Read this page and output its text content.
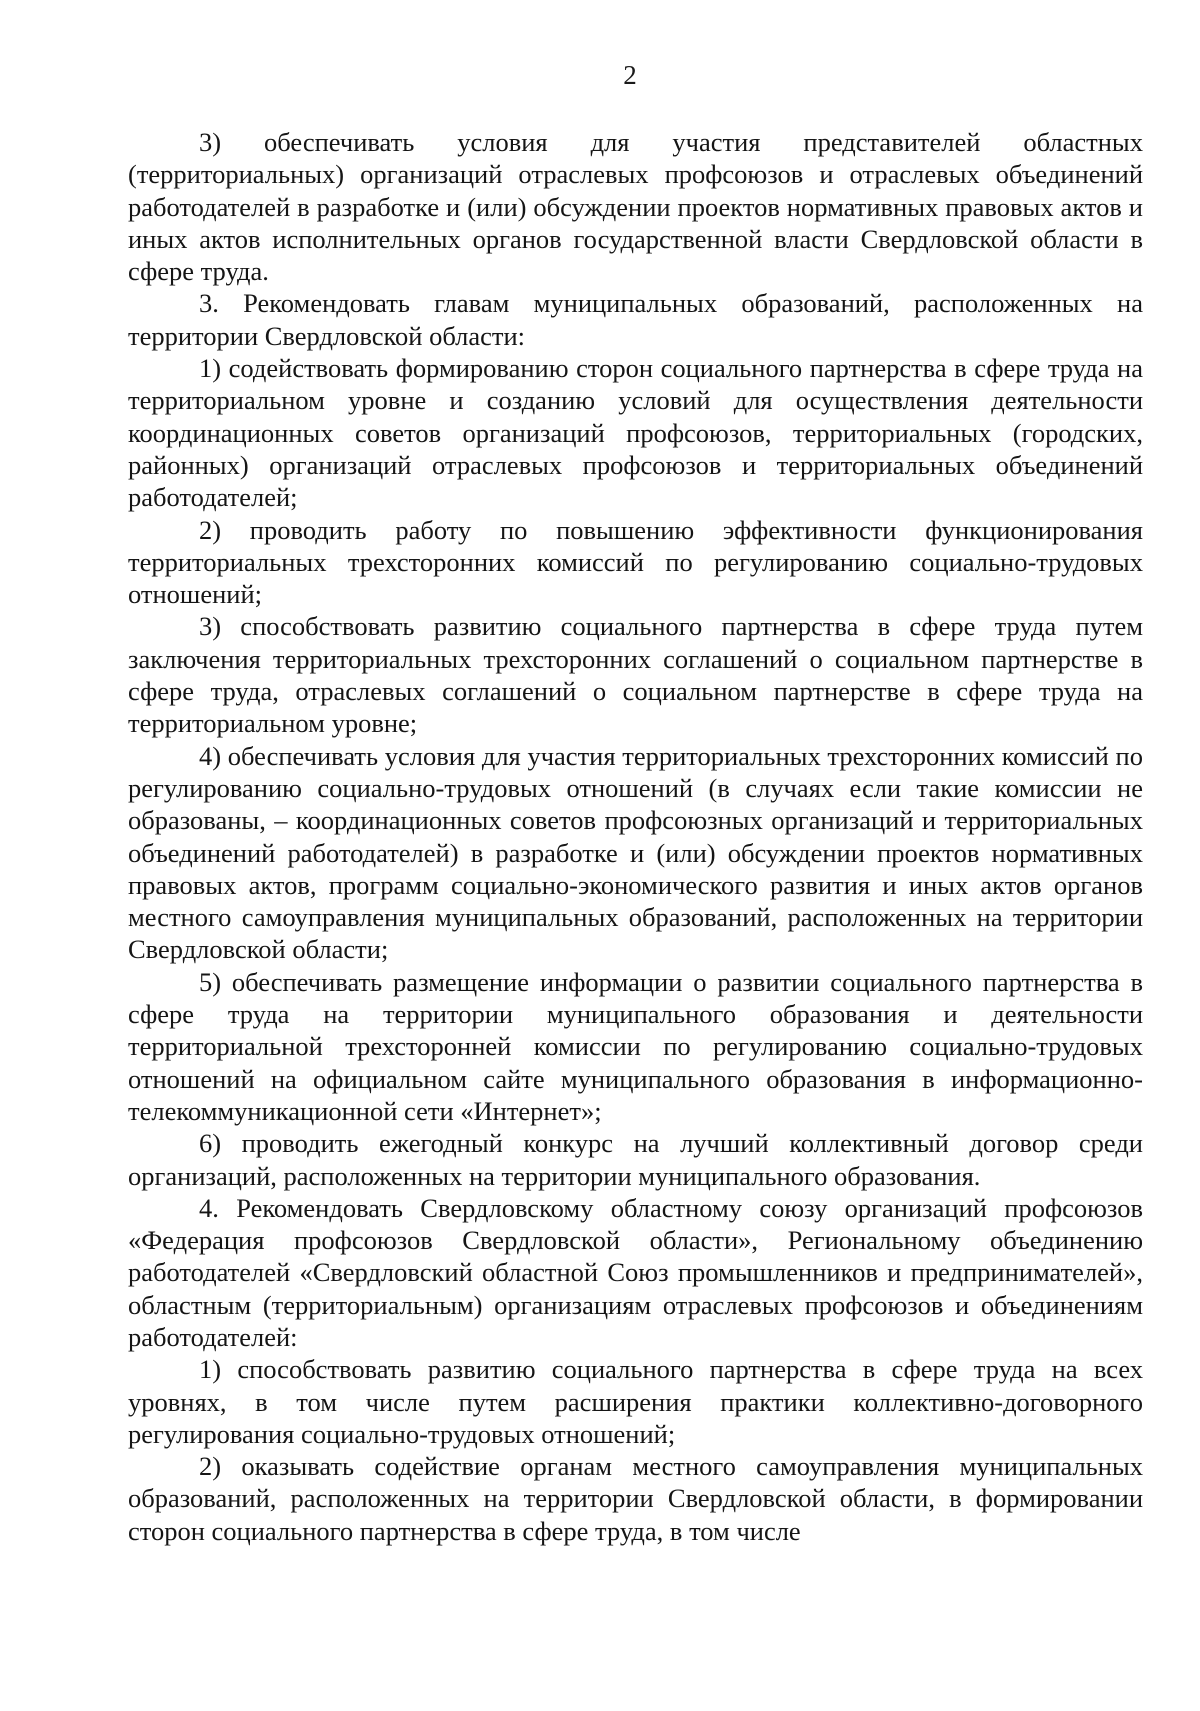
2

3) обеспечивать условия для участия представителей областных (территориальных) организаций отраслевых профсоюзов и отраслевых объединений работодателей в разработке и (или) обсуждении проектов нормативных правовых актов и иных актов исполнительных органов государственной власти Свердловской области в сфере труда.

3. Рекомендовать главам муниципальных образований, расположенных на территории Свердловской области:

1) содействовать формированию сторон социального партнерства в сфере труда на территориальном уровне и созданию условий для осуществления деятельности координационных советов организаций профсоюзов, территориальных (городских, районных) организаций отраслевых профсоюзов и территориальных объединений работодателей;

2) проводить работу по повышению эффективности функционирования территориальных трехсторонних комиссий по регулированию социально-трудовых отношений;

3) способствовать развитию социального партнерства в сфере труда путем заключения территориальных трехсторонних соглашений о социальном партнерстве в сфере труда, отраслевых соглашений о социальном партнерстве в сфере труда на территориальном уровне;

4) обеспечивать условия для участия территориальных трехсторонних комиссий по регулированию социально-трудовых отношений (в случаях если такие комиссии не образованы, – координационных советов профсоюзных организаций и территориальных объединений работодателей) в разработке и (или) обсуждении проектов нормативных правовых актов, программ социально-экономического развития и иных актов органов местного самоуправления муниципальных образований, расположенных на территории Свердловской области;

5) обеспечивать размещение информации о развитии социального партнерства в сфере труда на территории муниципального образования и деятельности территориальной трехсторонней комиссии по регулированию социально-трудовых отношений на официальном сайте муниципального образования в информационно-телекоммуникационной сети «Интернет»;

6) проводить ежегодный конкурс на лучший коллективный договор среди организаций, расположенных на территории муниципального образования.

4. Рекомендовать Свердловскому областному союзу организаций профсоюзов «Федерация профсоюзов Свердловской области», Региональному объединению работодателей «Свердловский областной Союз промышленников и предпринимателей», областным (территориальным) организациям отраслевых профсоюзов и объединениям работодателей:

1) способствовать развитию социального партнерства в сфере труда на всех уровнях, в том числе путем расширения практики коллективно-договорного регулирования социально-трудовых отношений;

2) оказывать содействие органам местного самоуправления муниципальных образований, расположенных на территории Свердловской области, в формировании сторон социального партнерства в сфере труда, в том числе
